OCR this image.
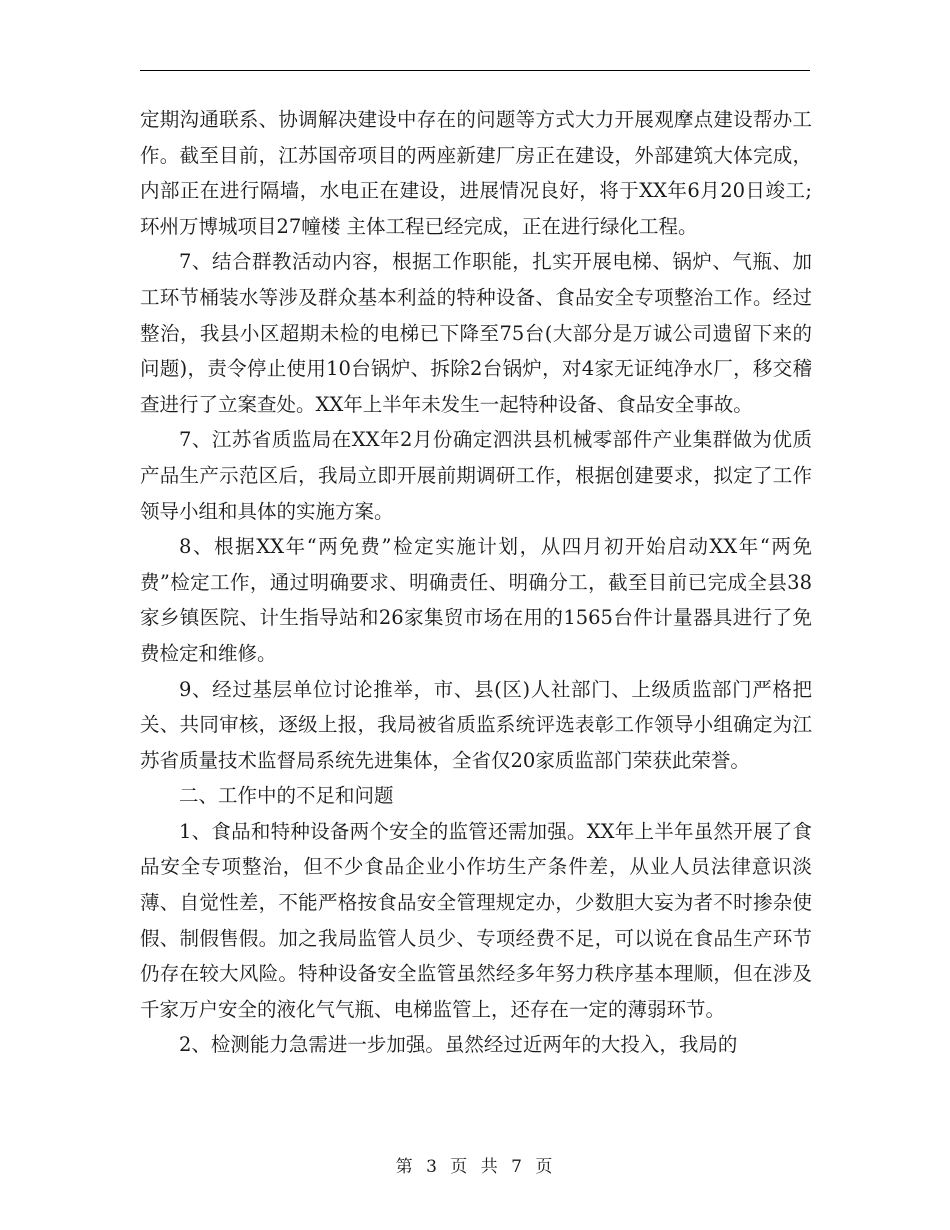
定期沟通联系、协调解决建设中存在的问题等方式大力开展观摩点建设帮办工作。截至目前，江苏国帝项目的两座新建厂房正在建设，外部建筑大体完成，内部正在进行隔墙，水电正在建设，进展情况良好，将于XX年6月20日竣工;环州万博城项目27幢楼 主体工程已经完成，正在进行绿化工程。

7、结合群教活动内容，根据工作职能，扎实开展电梯、锅炉、气瓶、加工环节桶装水等涉及群众基本利益的特种设备、食品安全专项整治工作。经过整治，我县小区超期未检的电梯已下降至75台(大部分是万诚公司遗留下来的问题)，责令停止使用10台锅炉、拆除2台锅炉，对4家无证纯净水厂，移交稽查进行了立案查处。XX年上半年未发生一起特种设备、食品安全事故。

7、江苏省质监局在XX年2月份确定泗洪县机械零部件产业集群做为优质产品生产示范区后，我局立即开展前期调研工作，根据创建要求，拟定了工作领导小组和具体的实施方案。

8、根据XX年“两免费”检定实施计划，从四月初开始启动XX年“两免费”检定工作，通过明确要求、明确责任、明确分工，截至目前已完成全县38家乡镇医院、计生指导站和26家集贸市场在用的1565台件计量器具进行了免费检定和维修。

9、经过基层单位讨论推举，市、县(区)人社部门、上级质监部门严格把关、共同审核，逐级上报，我局被省质监系统评选表彰工作领导小组确定为江苏省质量技术监督局系统先进集体，全省仅20家质监部门荣获此荣誉。

二、工作中的不足和问题

1、食品和特种设备两个安全的监管还需加强。XX年上半年虽然开展了食品安全专项整治，但不少食品企业小作坊生产条件差，从业人员法律意识淡薄、自觉性差，不能严格按食品安全管理规定办，少数胆大妄为者不时掺杂使假、制假售假。加之我局监管人员少、专项经费不足，可以说在食品生产环节仍存在较大风险。特种设备安全监管虽然经多年努力秩序基本理顺，但在涉及千家万户安全的液化气气瓶、电梯监管上，还存在一定的薄弱环节。

2、检测能力急需进一步加强。虽然经过近两年的大投入，我局的

第 3 页 共 7 页
